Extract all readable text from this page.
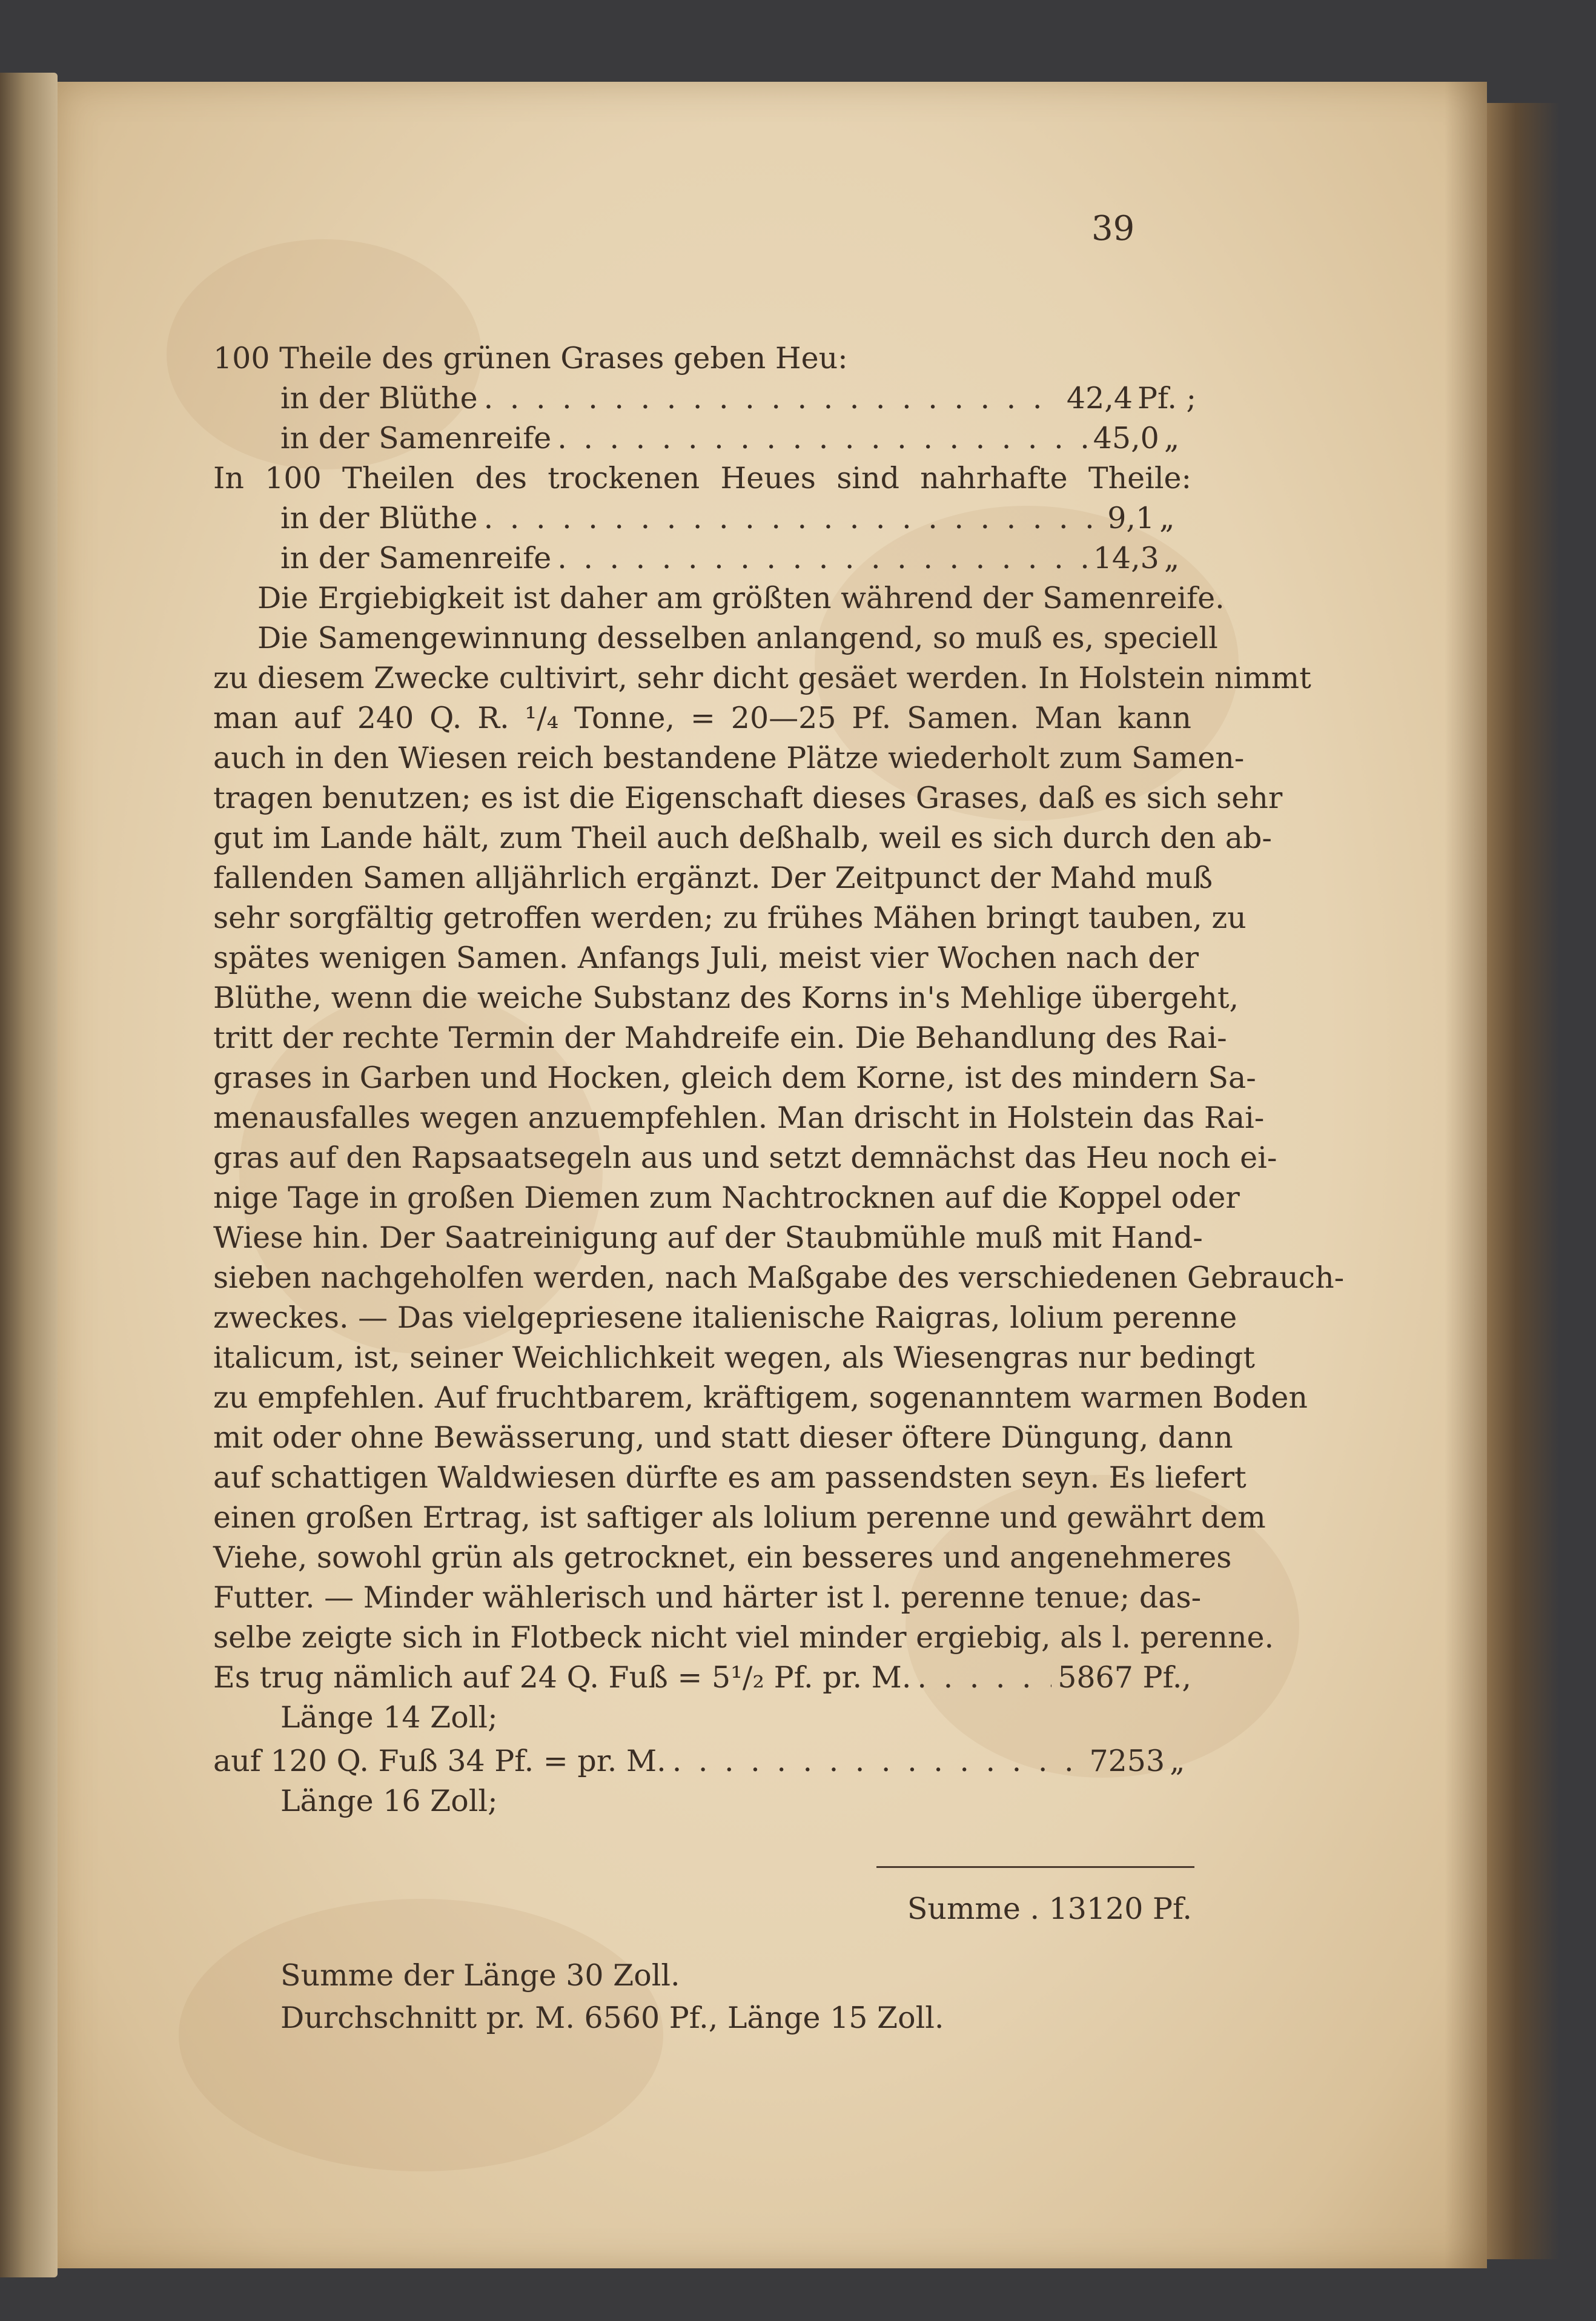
39
100 Theile des grünen Grases geben Heu:
in der Blüthe . . .	42,4 Pf. ;
in der Samenreife . . .	45,0 „
In 100 Theilen des trockenen Heues sind nahrhafte Theile:
in der Blüthe . . .	9,1 „
in der Samenreife . . .	14,3 „
Die Ergiebigkeit ist daher am größten während der Samenreife.
Die Samengewinnung desselben anlangend, so muß es, speciell
zu diesem Zwecke cultivirt, sehr dicht gesäet werden. In Holstein nimmt
man auf 240 Q. R. ¹/₄ Tonne, = 20—25 Pf. Samen. Man kann
auch in den Wiesen reich bestandene Plätze wiederholt zum Samen-
tragen benutzen; es ist die Eigenschaft dieses Grases, daß es sich sehr
gut im Lande hält, zum Theil auch deßhalb, weil es sich durch den ab-
fallenden Samen alljährlich ergänzt. Der Zeitpunct der Mahd muß
sehr sorgfältig getroffen werden; zu frühes Mähen bringt tauben, zu
spätes wenigen Samen. Anfangs Juli, meist vier Wochen nach der
Blüthe, wenn die weiche Substanz des Korns in's Mehlige übergeht,
tritt der rechte Termin der Mahdreife ein. Die Behandlung des Rai-
grases in Garben und Hocken, gleich dem Korne, ist des mindern Sa-
menausfalles wegen anzuempfehlen. Man drischt in Holstein das Rai-
gras auf den Rapsaatsegeln aus und setzt demnächst das Heu noch ei-
nige Tage in großen Diemen zum Nachtrocknen auf die Koppel oder
Wiese hin. Der Saatreinigung auf der Staubmühle muß mit Hand-
sieben nachgeholfen werden, nach Maßgabe des verschiedenen Gebrauch-
zweckes. — Das vielgepriesene italienische Raigras, lolium perenne
italicum, ist, seiner Weichlichkeit wegen, als Wiesengras nur bedingt
zu empfehlen. Auf fruchtbarem, kräftigem, sogenanntem warmen Boden
mit oder ohne Bewässerung, und statt dieser öftere Düngung, dann
auf schattigen Waldwiesen dürfte es am passendsten seyn. Es liefert
einen großen Ertrag, ist saftiger als lolium perenne und gewährt dem
Viehe, sowohl grün als getrocknet, ein besseres und angenehmeres
Futter. — Minder wählerisch und härter ist l. perenne tenue; das-
selbe zeigte sich in Flotbeck nicht viel minder ergiebig, als l. perenne.
Es trug nämlich auf 24 Q. Fuß = 5¹/₂ Pf. pr. M. . . .	5867 Pf.,
Länge 14 Zoll;
auf 120 Q. Fuß 34 Pf. = pr. M. . . .	7253 „
Länge 16 Zoll;
Summe . 13120 Pf.
Summe der Länge 30 Zoll.
Durchschnitt pr. M. 6560 Pf., Länge 15 Zoll.
